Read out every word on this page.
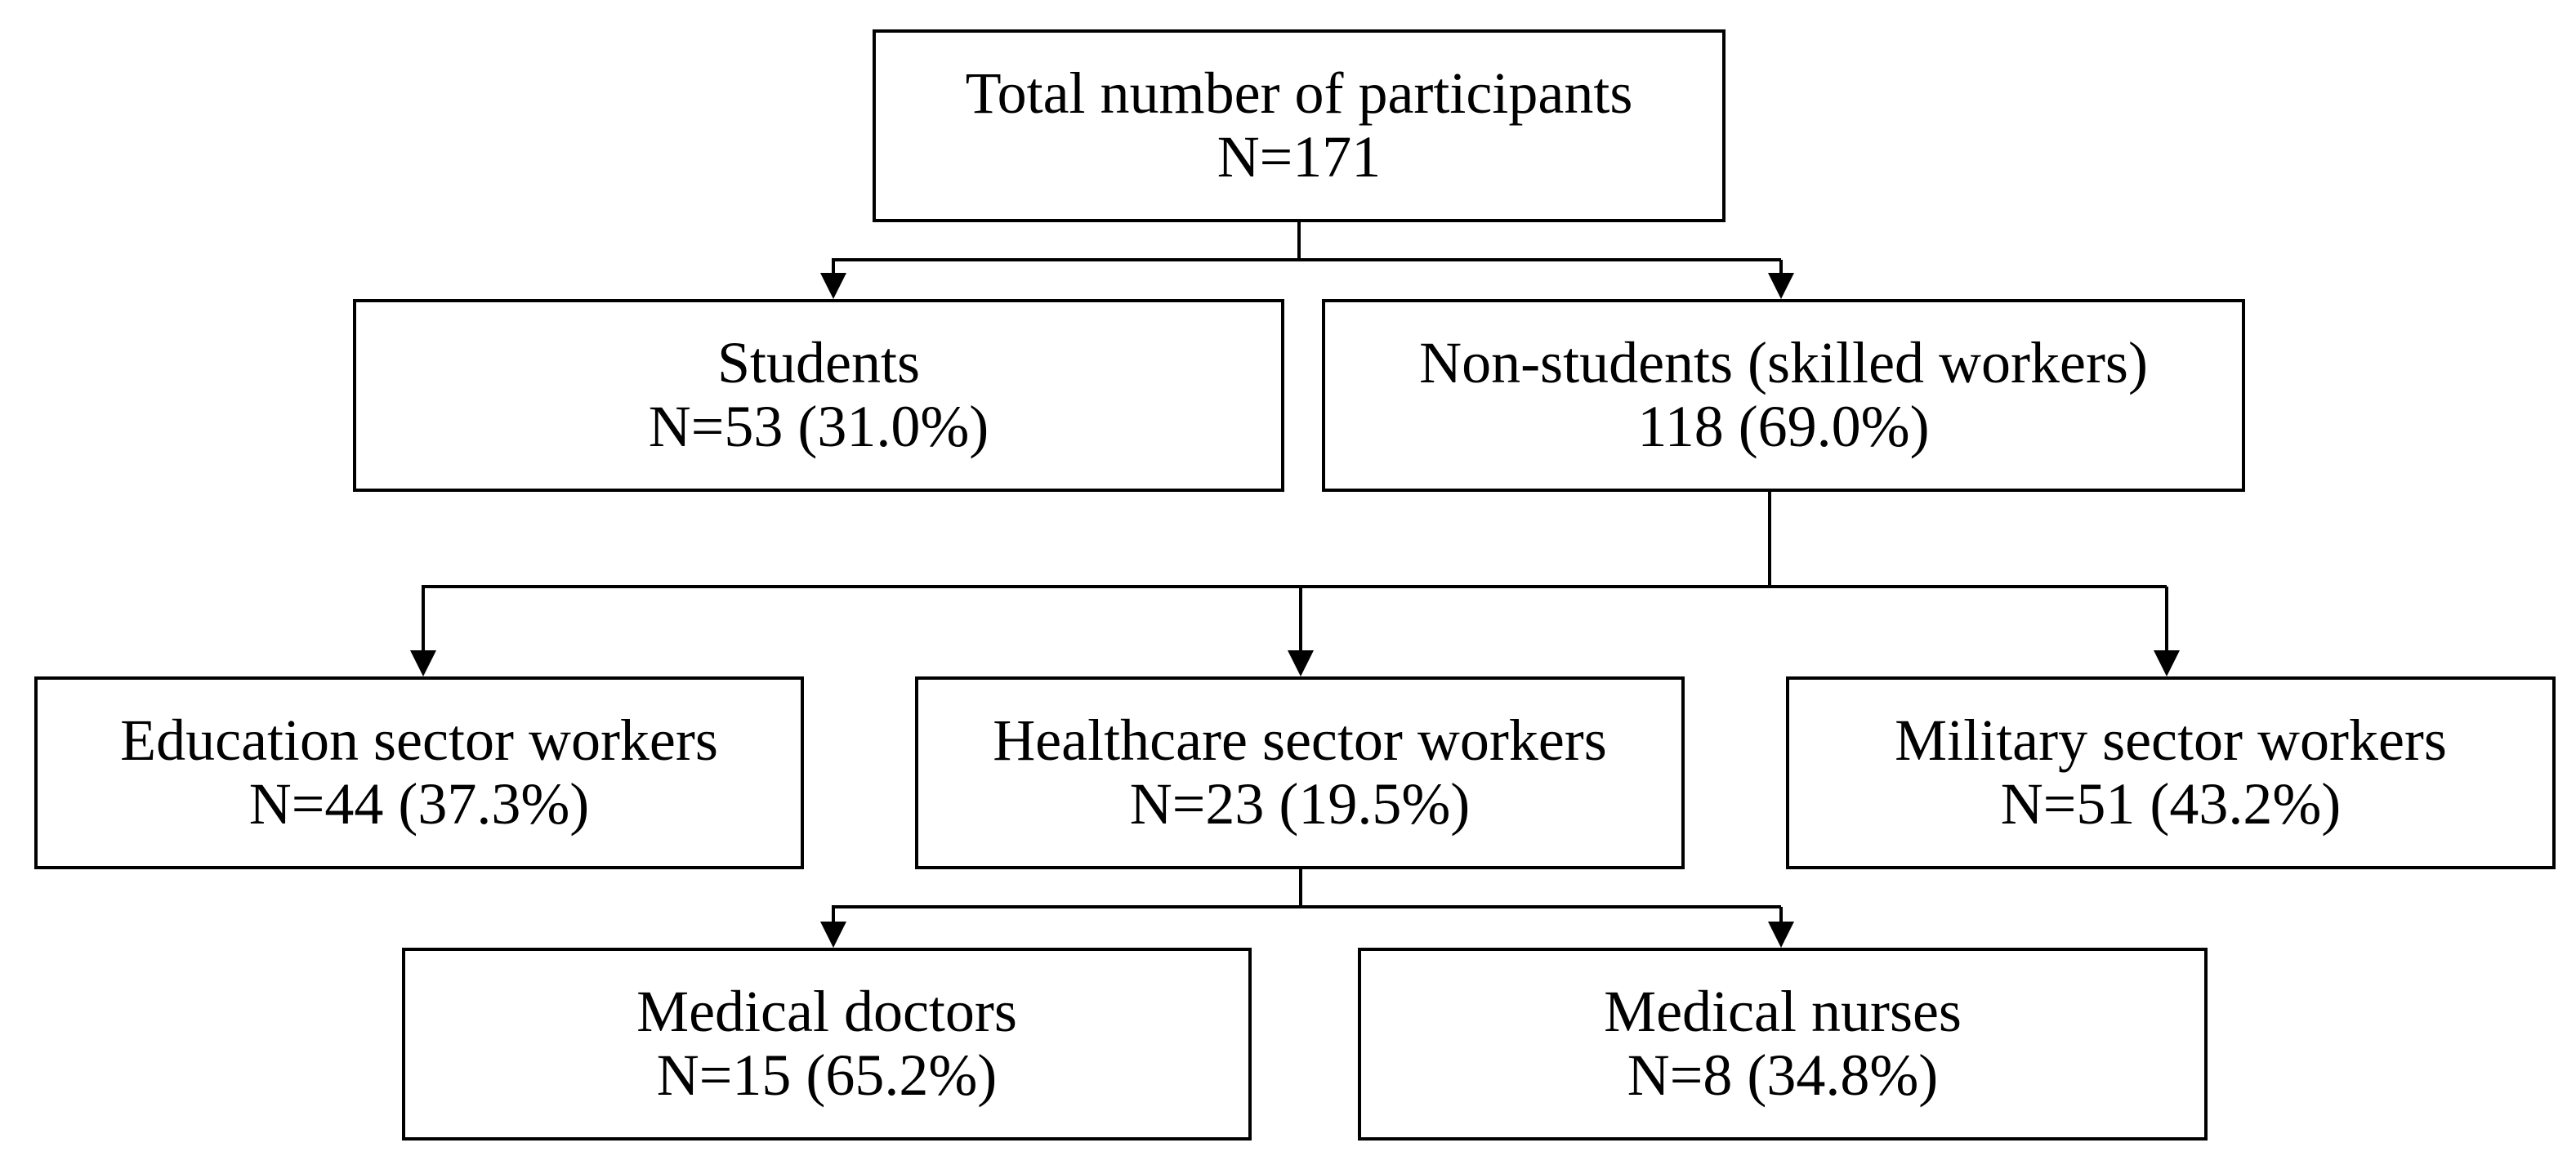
Total number of participants
N=171
Students
N=53 (31.0%)
Non-students (skilled workers)
118 (69.0%)
Education sector workers
N=44 (37.3%)
Healthcare sector workers
N=23 (19.5%)
Military sector workers
N=51 (43.2%)
Medical doctors
N=15 (65.2%)
Medical nurses
N=8 (34.8%)
